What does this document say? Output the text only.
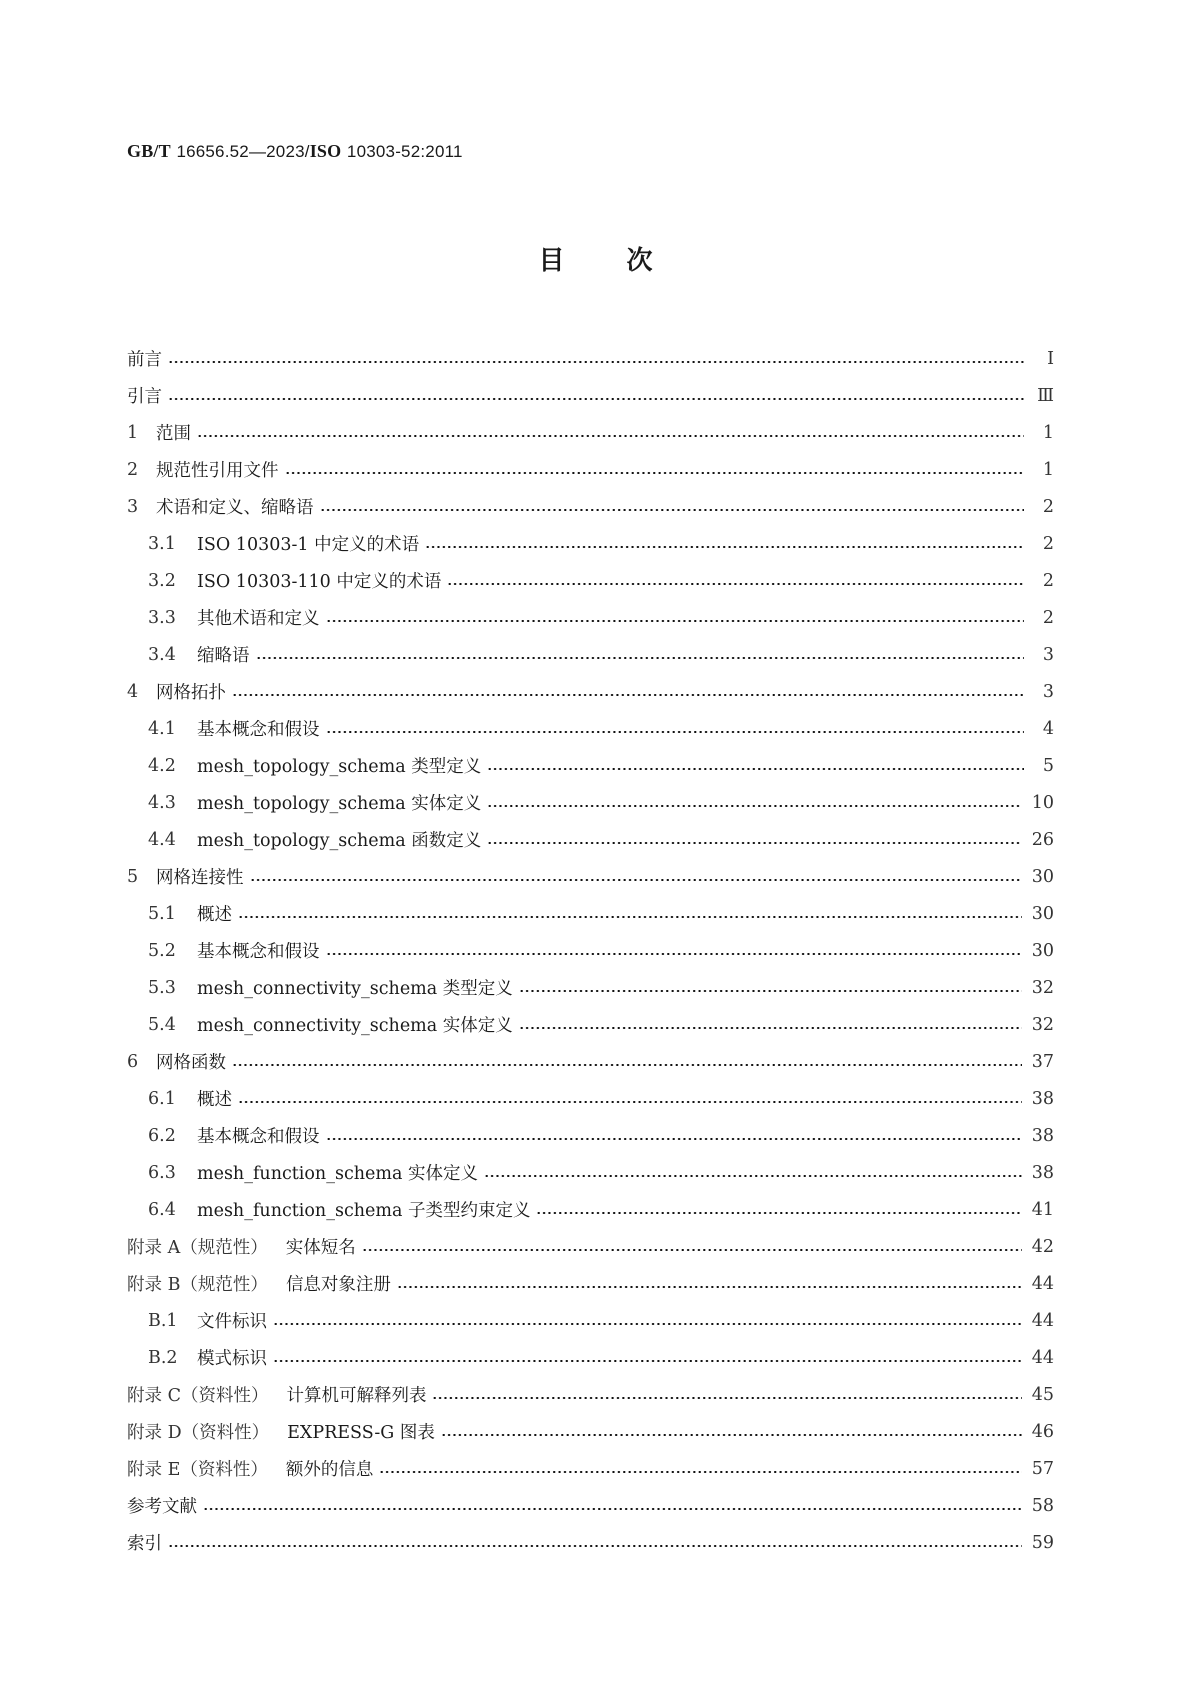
GB/T 16656.52—2023/ISO 10303-52:2011
目 次
前言	Ⅰ
引言	Ⅲ
1	范围	1
2	规范性引用文件	1
3	术语和定义、缩略语	2
3.1	ISO 10303-1 中定义的术语	2
3.2	ISO 10303-110 中定义的术语	2
3.3	其他术语和定义	2
3.4	缩略语	3
4	网格拓扑	3
4.1	基本概念和假设	4
4.2	mesh_topology_schema 类型定义	5
4.3	mesh_topology_schema 实体定义	10
4.4	mesh_topology_schema 函数定义	26
5	网格连接性	30
5.1	概述	30
5.2	基本概念和假设	30
5.3	mesh_connectivity_schema 类型定义	32
5.4	mesh_connectivity_schema 实体定义	32
6	网格函数	37
6.1	概述	38
6.2	基本概念和假设	38
6.3	mesh_function_schema 实体定义	38
6.4	mesh_function_schema 子类型约束定义	41
附录 A（规范性） 实体短名	42
附录 B（规范性） 信息对象注册	44
B.1	文件标识	44
B.2	模式标识	44
附录 C（资料性） 计算机可解释列表	45
附录 D（资料性） EXPRESS-G 图表	46
附录 E（资料性） 额外的信息	57
参考文献	58
索引	59
